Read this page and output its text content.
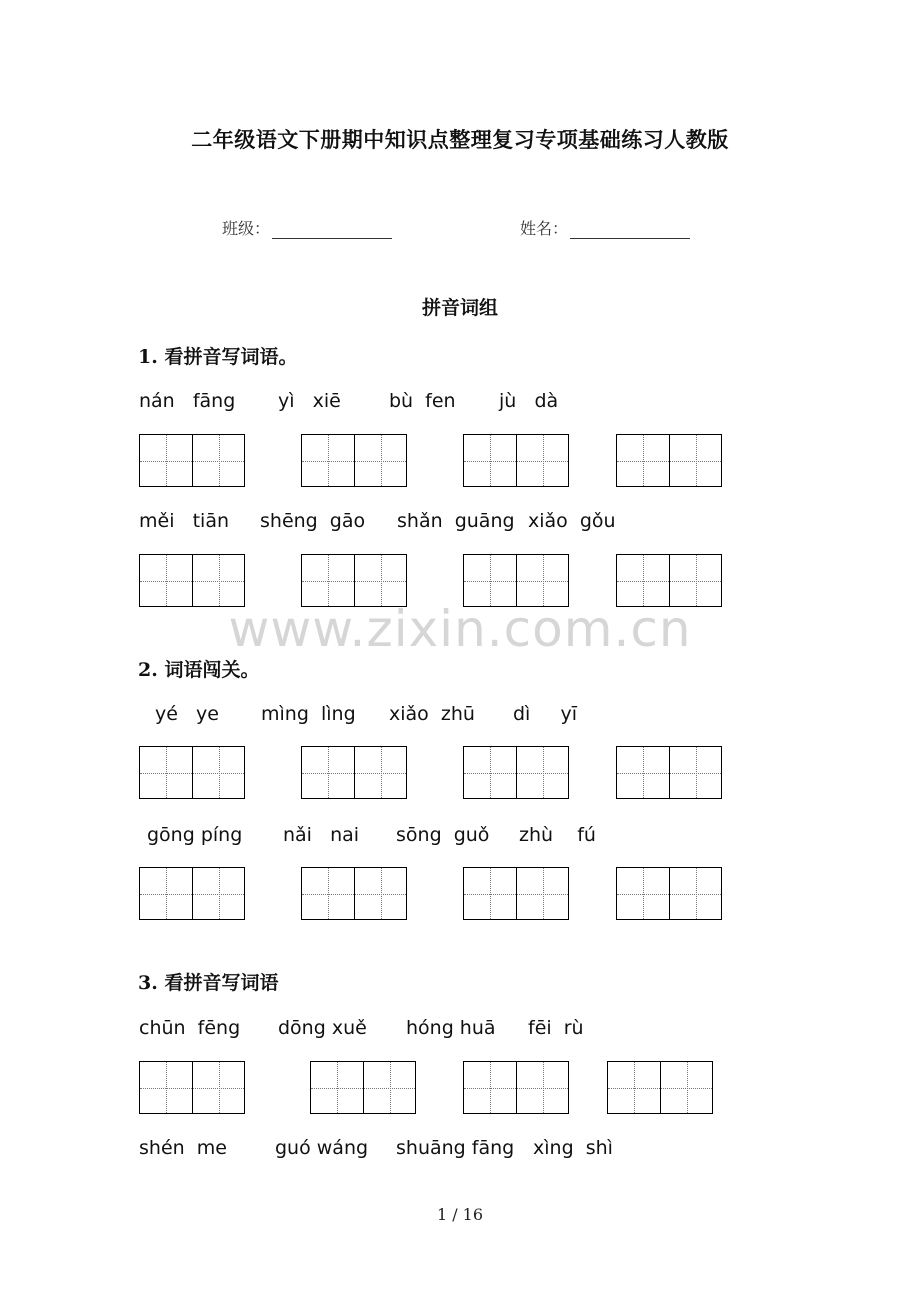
二年级语文下册期中知识点整理复习专项基础练习人教版
班级：	姓名：
拼音词组
1. 看拼音写词语。
nán   fāng yì   xiē	bù  fen jù   dà
měi   tiān shēng  gāo shǎn  guāng xiǎo  gǒu
www.zixin.com.cn
2. 词语闯关。
yé   ye mìng  lìng xiǎo  zhū dì     yī
gōng píng nǎi   nai sōng  guǒ zhù    fú
3. 看拼音写词语
chūn  fēng dōng xuě hóng huā fēi  rù
shén  me	guó wáng shuāng fāng xìng  shì
1 / 16
